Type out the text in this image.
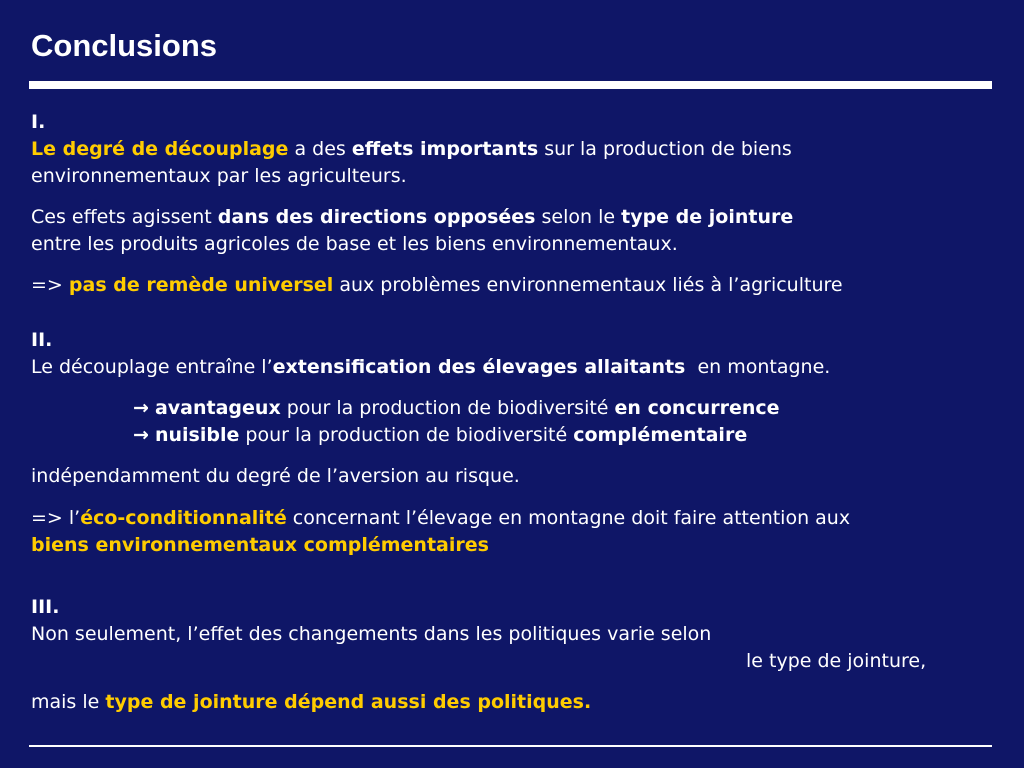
Conclusions
I.
Le degré de découplage a des effets importants sur la production de biens
environnementaux par les agriculteurs.
Ces effets agissent dans des directions opposées selon le type de jointure
entre les produits agricoles de base et les biens environnementaux.
=> pas de remède universel aux problèmes environnementaux liés à l’agriculture
II.
Le découplage entraîne l’extensification des élevages allaitants  en montagne.
→ avantageux pour la production de biodiversité en concurrence
→ nuisible pour la production de biodiversité complémentaire
indépendamment du degré de l’aversion au risque.
=> l’éco-conditionnalité concernant l’élevage en montagne doit faire attention aux
biens environnementaux complémentaires
III.
Non seulement, l’effet des changements dans les politiques varie selon
le type de jointure,
mais le type de jointure dépend aussi des politiques.
